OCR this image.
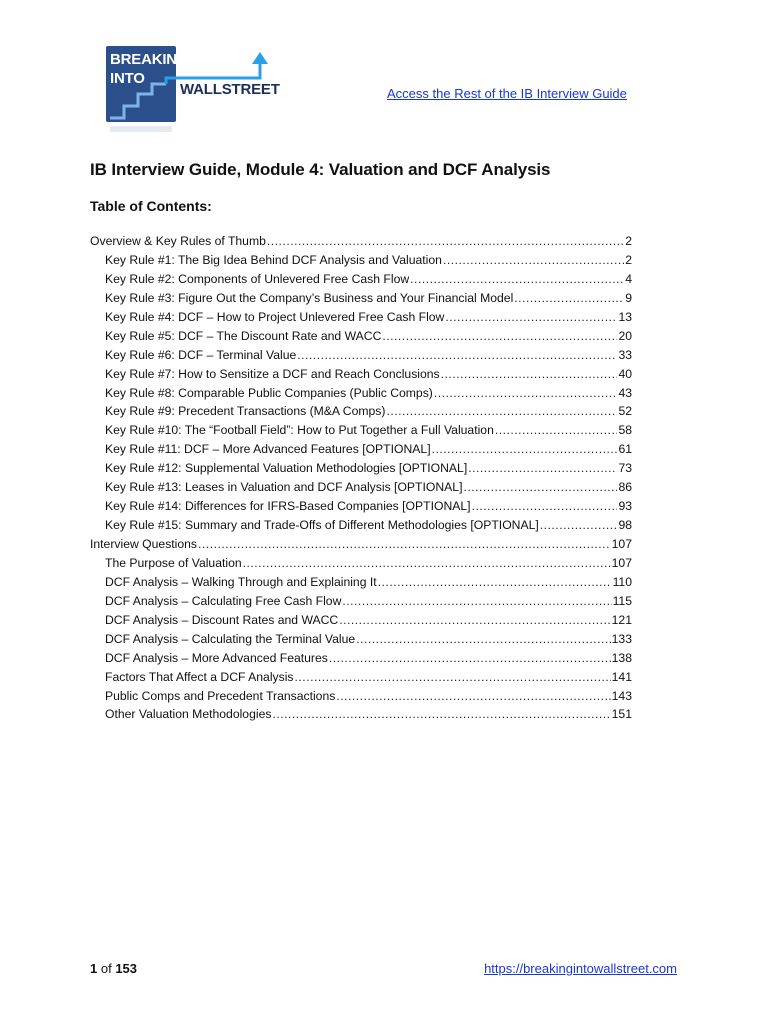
BREAKING
INTO
WALLSTREET	Access the Rest of the IB Interview Guide
IB Interview Guide, Module 4: Valuation and DCF Analysis
Table of Contents:
Overview & Key Rules of Thumb .....	2
Key Rule #1: The Big Idea Behind DCF Analysis and Valuation .....	2
Key Rule #2: Components of Unlevered Free Cash Flow .....	4
Key Rule #3: Figure Out the Company’s Business and Your Financial Model .....	9
Key Rule #4: DCF – How to Project Unlevered Free Cash Flow .....	13
Key Rule #5: DCF – The Discount Rate and WACC .....	20
Key Rule #6: DCF – Terminal Value .....	33
Key Rule #7: How to Sensitize a DCF and Reach Conclusions .....	40
Key Rule #8: Comparable Public Companies (Public Comps) .....	43
Key Rule #9: Precedent Transactions (M&A Comps) .....	52
Key Rule #10: The “Football Field”: How to Put Together a Full Valuation .....	58
Key Rule #11: DCF – More Advanced Features [OPTIONAL] .....	61
Key Rule #12: Supplemental Valuation Methodologies [OPTIONAL] .....	73
Key Rule #13: Leases in Valuation and DCF Analysis [OPTIONAL] .....	86
Key Rule #14: Differences for IFRS-Based Companies [OPTIONAL] .....	93
Key Rule #15: Summary and Trade-Offs of Different Methodologies [OPTIONAL] .....	98
Interview Questions .....	107
The Purpose of Valuation .....	107
DCF Analysis – Walking Through and Explaining It .....	110
DCF Analysis – Calculating Free Cash Flow .....	115
DCF Analysis – Discount Rates and WACC .....	121
DCF Analysis – Calculating the Terminal Value .....	133
DCF Analysis – More Advanced Features .....	138
Factors That Affect a DCF Analysis .....	141
Public Comps and Precedent Transactions .....	143
Other Valuation Methodologies .....	151
1 of 153	https://breakingintowallstreet.com
